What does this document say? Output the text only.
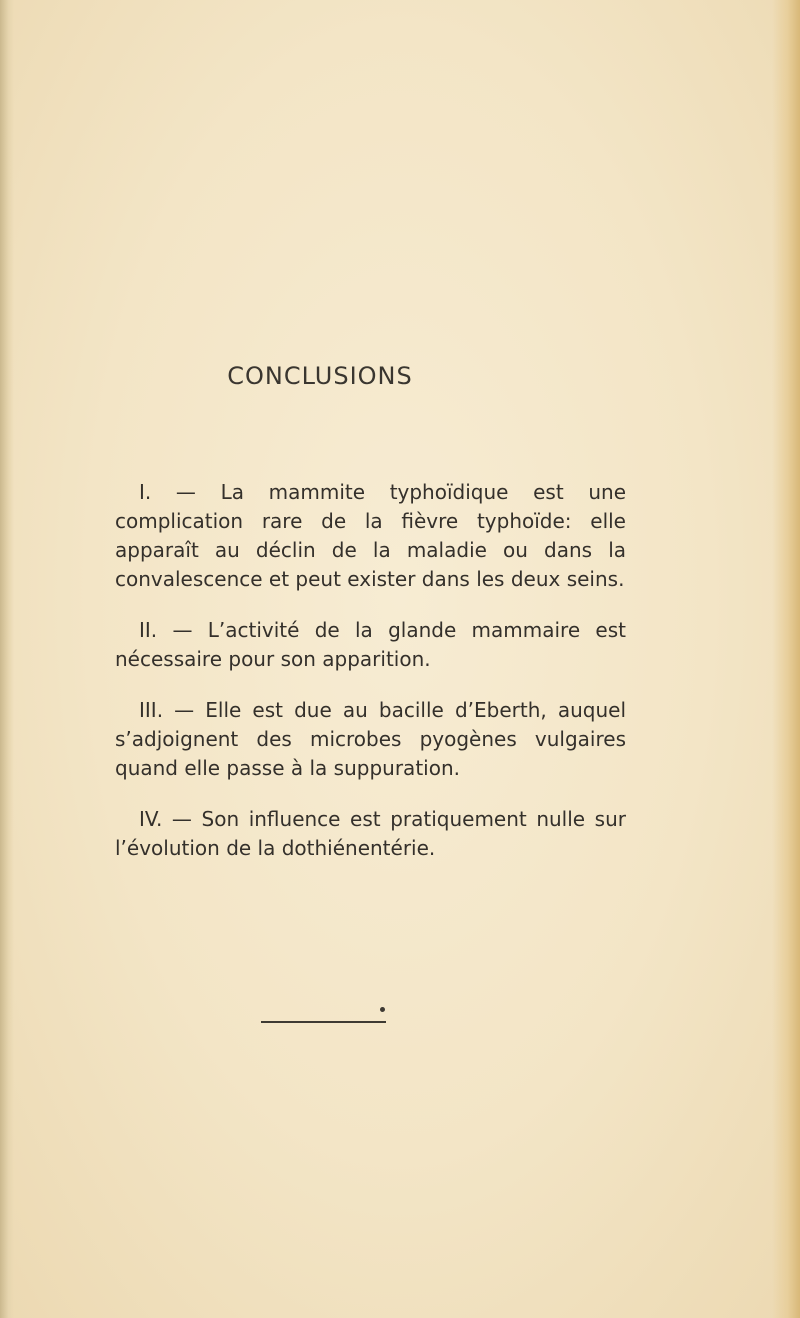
CONCLUSIONS

I. — La mammite typhoïdique est une complication rare de la fièvre typhoïde: elle apparaît au déclin de la maladie ou dans la convalescence et peut exister dans les deux seins.

II. — L’activité de la glande mammaire est nécessaire pour son apparition.

III. — Elle est due au bacille d’Eberth, auquel s’adjoignent des microbes pyogènes vulgaires quand elle passe à la suppuration.

IV. — Son influence est pratiquement nulle sur l’évolution de la dothiénentérie.
